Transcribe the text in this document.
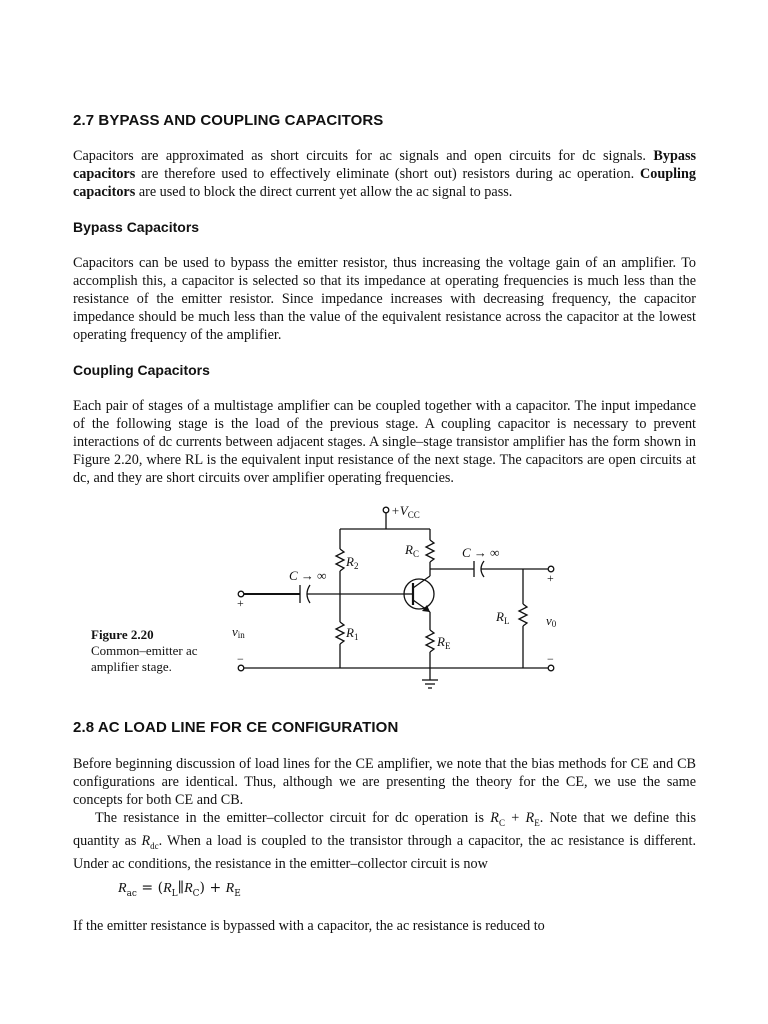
2.7 BYPASS AND COUPLING CAPACITORS

Capacitors are approximated as short circuits for ac signals and open circuits for dc signals. Bypass capacitors are therefore used to effectively eliminate (short out) resistors during ac operation. Coupling capacitors are used to block the direct current yet allow the ac signal to pass.

Bypass Capacitors

Capacitors can be used to bypass the emitter resistor, thus increasing the voltage gain of an amplifier. To accomplish this, a capacitor is selected so that its impedance at operating frequencies is much less than the resistance of the emitter resistor. Since impedance increases with decreasing frequency, the capacitor impedance should be much less than the value of the equivalent resistance across the capacitor at the lowest operating frequency of the amplifier.

Coupling Capacitors

Each pair of stages of a multistage amplifier can be coupled together with a capacitor. The input impedance of the following stage is the load of the previous stage. A coupling capacitor is necessary to prevent interactions of dc currents between adjacent stages. A single–stage transistor amplifier has the form shown in Figure 2.20, where RL is the equivalent input resistance of the next stage. The capacitors are open circuits at dc, and they are short circuits over amplifier operating frequencies.

Figure 2.20
Common–emitter ac
amplifier stage.
$+V_{CC}$
$R_2$
$R_1$
$R_C$
$R_E$
$R_L$
C → ∞
C → ∞
vin
v0
+
−
+
−
2.8 AC LOAD LINE FOR CE CONFIGURATION

Before beginning discussion of load lines for the CE amplifier, we note that the bias methods for CE and CB configurations are identical. Thus, although we are presenting the theory for the CE, we use the same concepts for both CE and CB.

The resistance in the emitter–collector circuit for dc operation is $R_C + R_E$. Note that we define this quantity as $R_{dc}$. When a load is coupled to the transistor through a capacitor, the ac resistance is different. Under ac conditions, the resistance in the emitter–collector circuit is now

$R_{ac}$ = $(R_L\parallel R_C) + R_E$

If the emitter resistance is bypassed with a capacitor, the ac resistance is reduced to
